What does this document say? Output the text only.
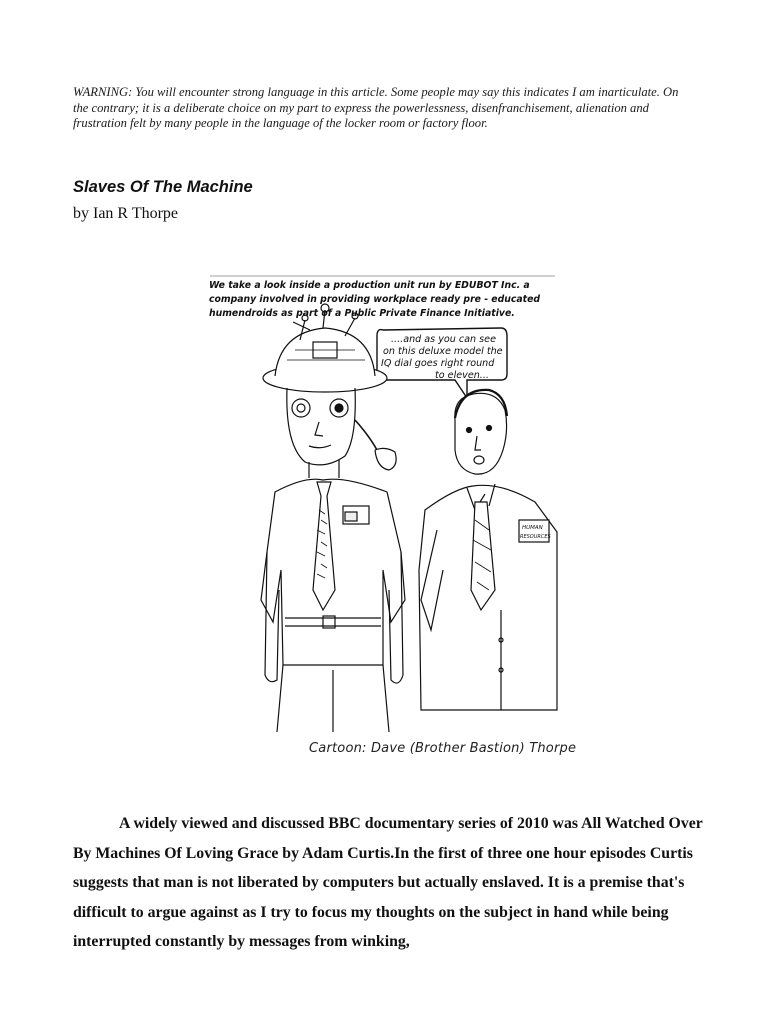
WARNING: You will encounter strong language in this article. Some people may say this indicates I am inarticulate. On the contrary; it is a deliberate choice on my part to express the powerlessness, disenfranchisement, alienation and frustration felt by many people in the language of the locker room or factory floor.
Slaves Of The Machine
by Ian R Thorpe
We take a look inside a production unit run by EDUBOT Inc. a
company involved in providing workplace ready pre - educated
humendroids as part of a Public Private Finance Initiative.
....and as you can see
on this deluxe model the
IQ dial goes right round
to eleven...
HUMAN
RESOURCES
Cartoon: Dave (Brother Bastion) Thorpe
A widely viewed and discussed BBC documentary series of 2010 was All Watched Over By Machines Of Loving Grace by Adam Curtis.In the first of three one hour episodes Curtis suggests that man is not liberated by computers but actually enslaved. It is a premise that's difficult to argue against as I try to focus my thoughts on the subject in hand while being interrupted constantly by messages from winking,
